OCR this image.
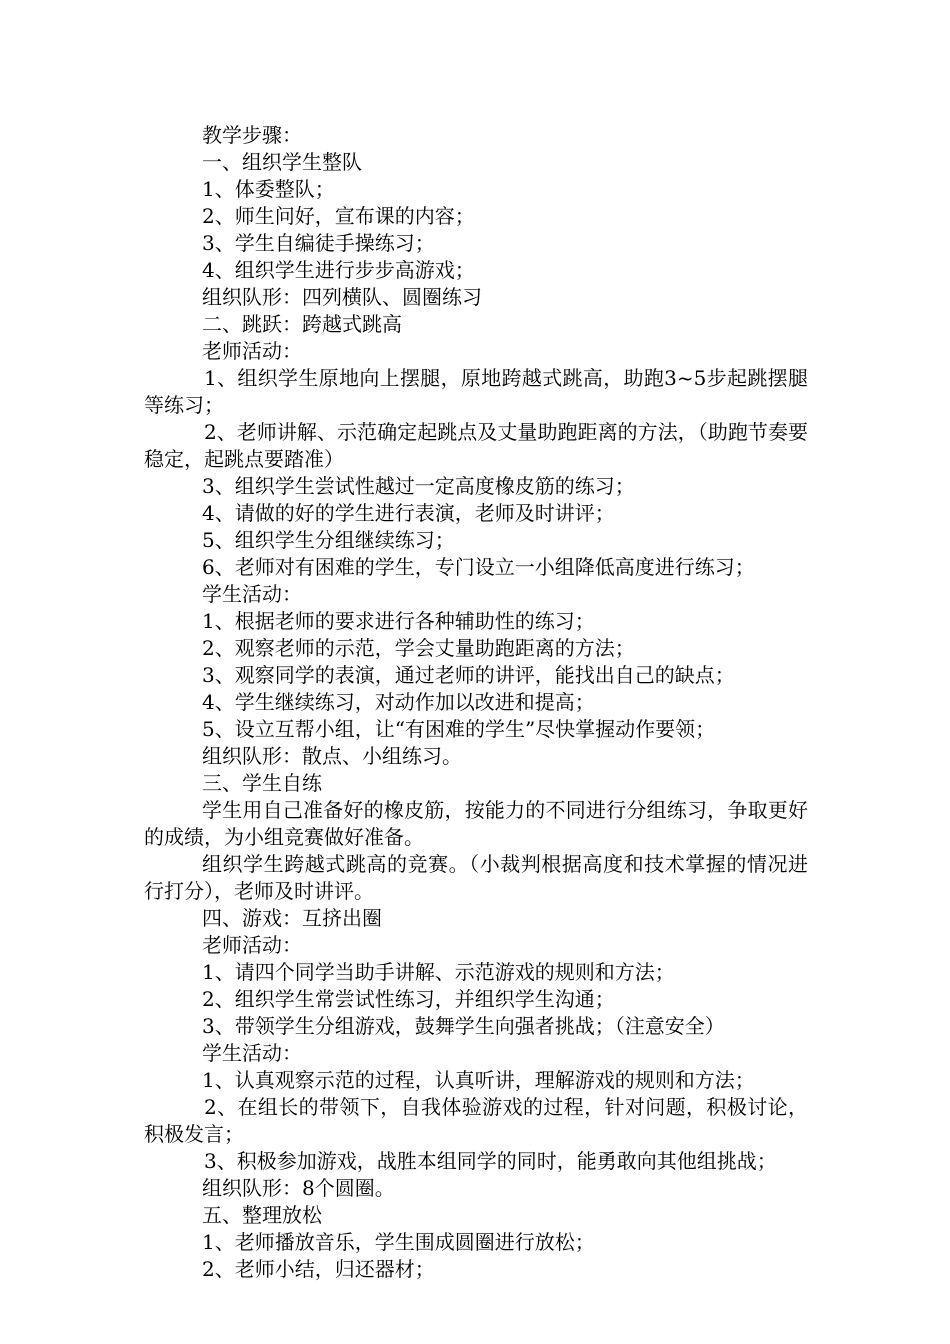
教学步骤：

一、组织学生整队

1、体委整队；

2、师生问好，宣布课的内容；

3、学生自编徒手操练习；

4、组织学生进行步步高游戏；

组织队形：四列横队、圆圈练习

二、跳跃：跨越式跳高

老师活动：

1、组织学生原地向上摆腿，原地跨越式跳高，助跑3~5步起跳摆腿等练习；

2、老师讲解、示范确定起跳点及丈量助跑距离的方法，（助跑节奏要稳定，起跳点要踏准）

3、组织学生尝试性越过一定高度橡皮筋的练习；

4、请做的好的学生进行表演，老师及时讲评；

5、组织学生分组继续练习；

6、老师对有困难的学生，专门设立一小组降低高度进行练习；

学生活动：

1、根据老师的要求进行各种辅助性的练习；

2、观察老师的示范，学会丈量助跑距离的方法；

3、观察同学的表演，通过老师的讲评，能找出自己的缺点；

4、学生继续练习，对动作加以改进和提高；

5、设立互帮小组，让“有困难的学生”尽快掌握动作要领；

组织队形：散点、小组练习。

三、学生自练

学生用自己准备好的橡皮筋，按能力的不同进行分组练习，争取更好的成绩，为小组竞赛做好准备。

组织学生跨越式跳高的竞赛。（小裁判根据高度和技术掌握的情况进行打分），老师及时讲评。

四、游戏：互挤出圈

老师活动：

1、请四个同学当助手讲解、示范游戏的规则和方法；

2、组织学生常尝试性练习，并组织学生沟通；

3、带领学生分组游戏，鼓舞学生向强者挑战；（注意安全）

学生活动：

1、认真观察示范的过程，认真听讲，理解游戏的规则和方法；

2、在组长的带领下，自我体验游戏的过程，针对问题，积极讨论，积极发言；

3、积极参加游戏，战胜本组同学的同时，能勇敢向其他组挑战；

组织队形：8个圆圈。

五、整理放松

1、老师播放音乐，学生围成圆圈进行放松；

2、老师小结，归还器材；
